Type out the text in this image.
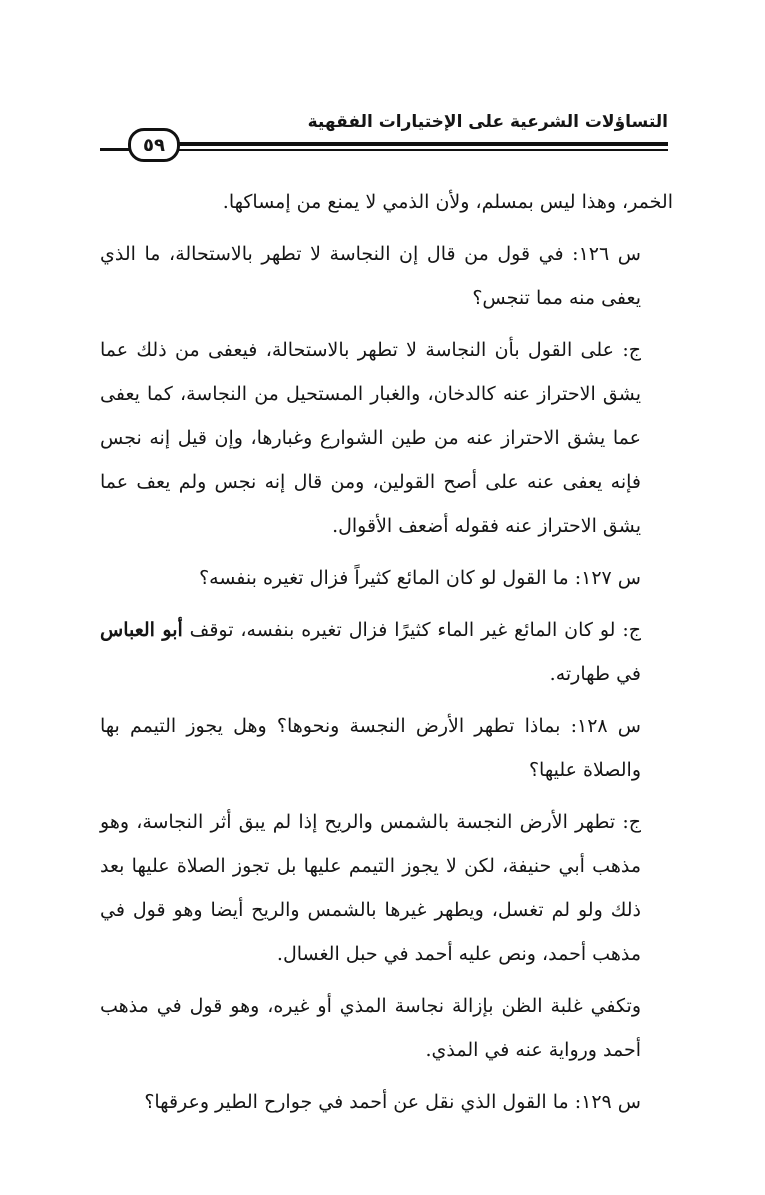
التساؤلات الشرعية على الإختيارات الفقهية
٥٩

الخمر، وهذا ليس بمسلم، ولأن الذمي لا يمنع من إمساكها.

س ١٢٦: في قول من قال إن النجاسة لا تطهر بالاستحالة، ما الذي يعفى منه مما تنجس؟

ج: على القول بأن النجاسة لا تطهر بالاستحالة، فيعفى من ذلك عما يشق الاحتراز عنه كالدخان، والغبار المستحيل من النجاسة، كما يعفى عما يشق الاحتراز عنه من طين الشوارع وغبارها، وإن قيل إنه نجس فإنه يعفى عنه على أصح القولين، ومن قال إنه نجس ولم يعف عما يشق الاحتراز عنه فقوله أضعف الأقوال.

س ١٢٧: ما القول لو كان المائع كثيراً فزال تغيره بنفسه؟

ج: لو كان المائع غير الماء كثيرًا فزال تغيره بنفسه، توقف أبو العباس في طهارته.

س ١٢٨: بماذا تطهر الأرض النجسة ونحوها؟ وهل يجوز التيمم بها والصلاة عليها؟

ج: تطهر الأرض النجسة بالشمس والريح إذا لم يبق أثر النجاسة، وهو مذهب أبي حنيفة، لكن لا يجوز التيمم عليها بل تجوز الصلاة عليها بعد ذلك ولو لم تغسل، ويطهر غيرها بالشمس والريح أيضا وهو قول في مذهب أحمد، ونص عليه أحمد في حبل الغسال.

وتكفي غلبة الظن بإزالة نجاسة المذي أو غيره، وهو قول في مذهب أحمد ورواية عنه في المذي.

س ١٢٩: ما القول الذي نقل عن أحمد في جوارح الطير وعرقها؟
